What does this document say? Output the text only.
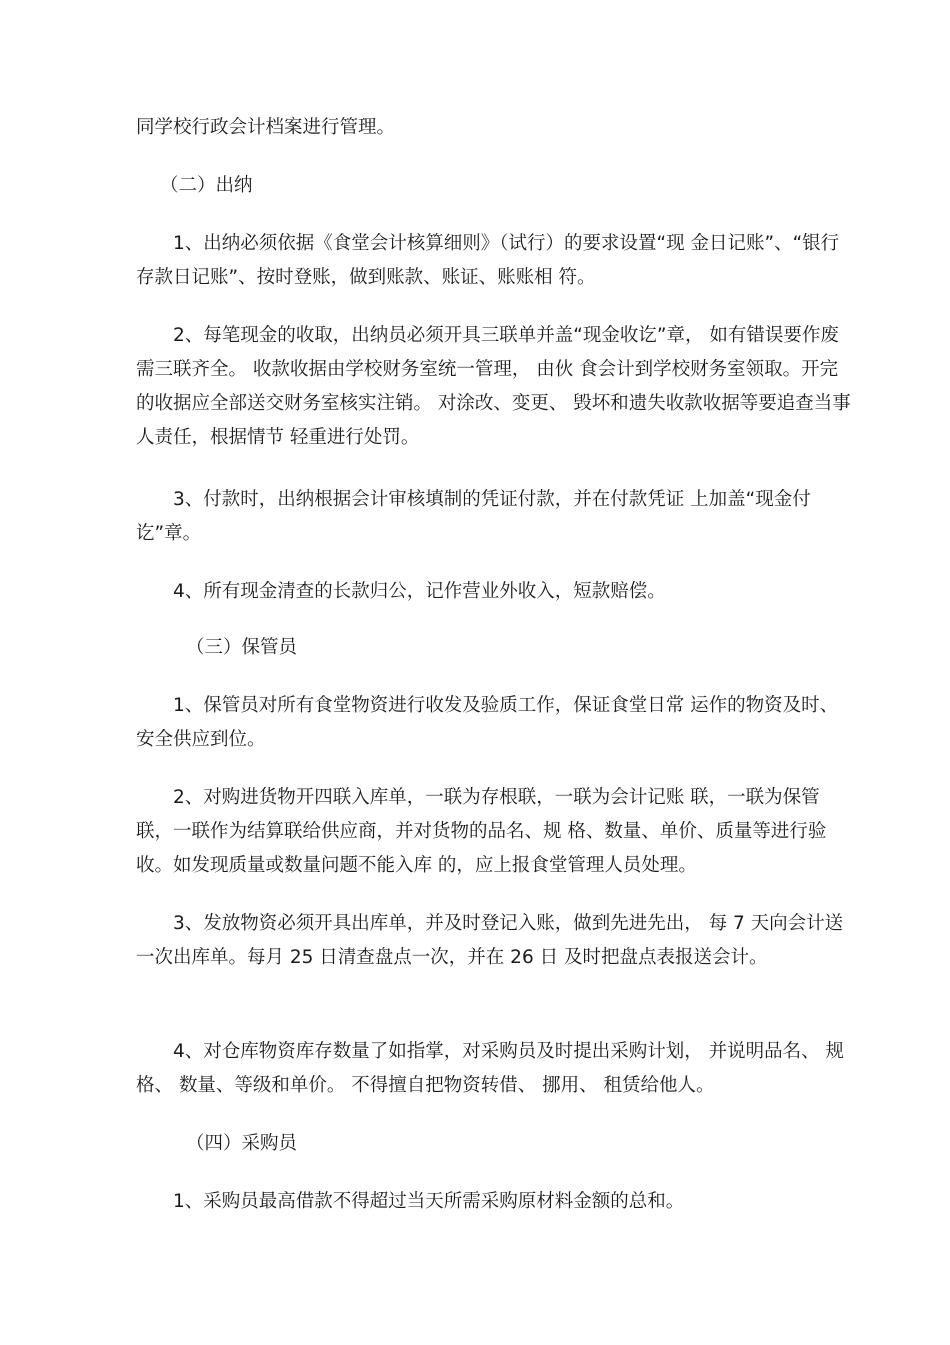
同学校行政会计档案进行管理。

（二）出纳

1、出纳必须依据《食堂会计核算细则》（试行）的要求设置“现 金日记账”、“银行存款日记账”、按时登账，做到账款、账证、账账相 符。

2、每笔现金的收取，出纳员必须开具三联单并盖“现金收讫”章， 如有错误要作废需三联齐全。 收款收据由学校财务室统一管理， 由伙 食会计到学校财务室领取。开完的收据应全部送交财务室核实注销。 对涂改、变更、 毁坏和遗失收款收据等要追查当事人责任，根据情节 轻重进行处罚。

3、付款时，出纳根据会计审核填制的凭证付款，并在付款凭证 上加盖“现金付讫”章。

4、所有现金清查的长款归公，记作营业外收入，短款赔偿。

（三）保管员

1、保管员对所有食堂物资进行收发及验质工作，保证食堂日常 运作的物资及时、安全供应到位。

2、对购进货物开四联入库单，一联为存根联，一联为会计记账 联，一联为保管联，一联作为结算联给供应商，并对货物的品名、规 格、数量、单价、质量等进行验收。如发现质量或数量问题不能入库 的，应上报食堂管理人员处理。

3、发放物资必须开具出库单，并及时登记入账，做到先进先出， 每 7 天向会计送一次出库单。每月 25 日清查盘点一次，并在 26 日 及时把盘点表报送会计。

4、对仓库物资库存数量了如指掌，对采购员及时提出采购计划， 并说明品名、 规格、 数量、等级和单价。 不得擅自把物资转借、 挪用、 租赁给他人。

（四）采购员

1、采购员最高借款不得超过当天所需采购原材料金额的总和。
